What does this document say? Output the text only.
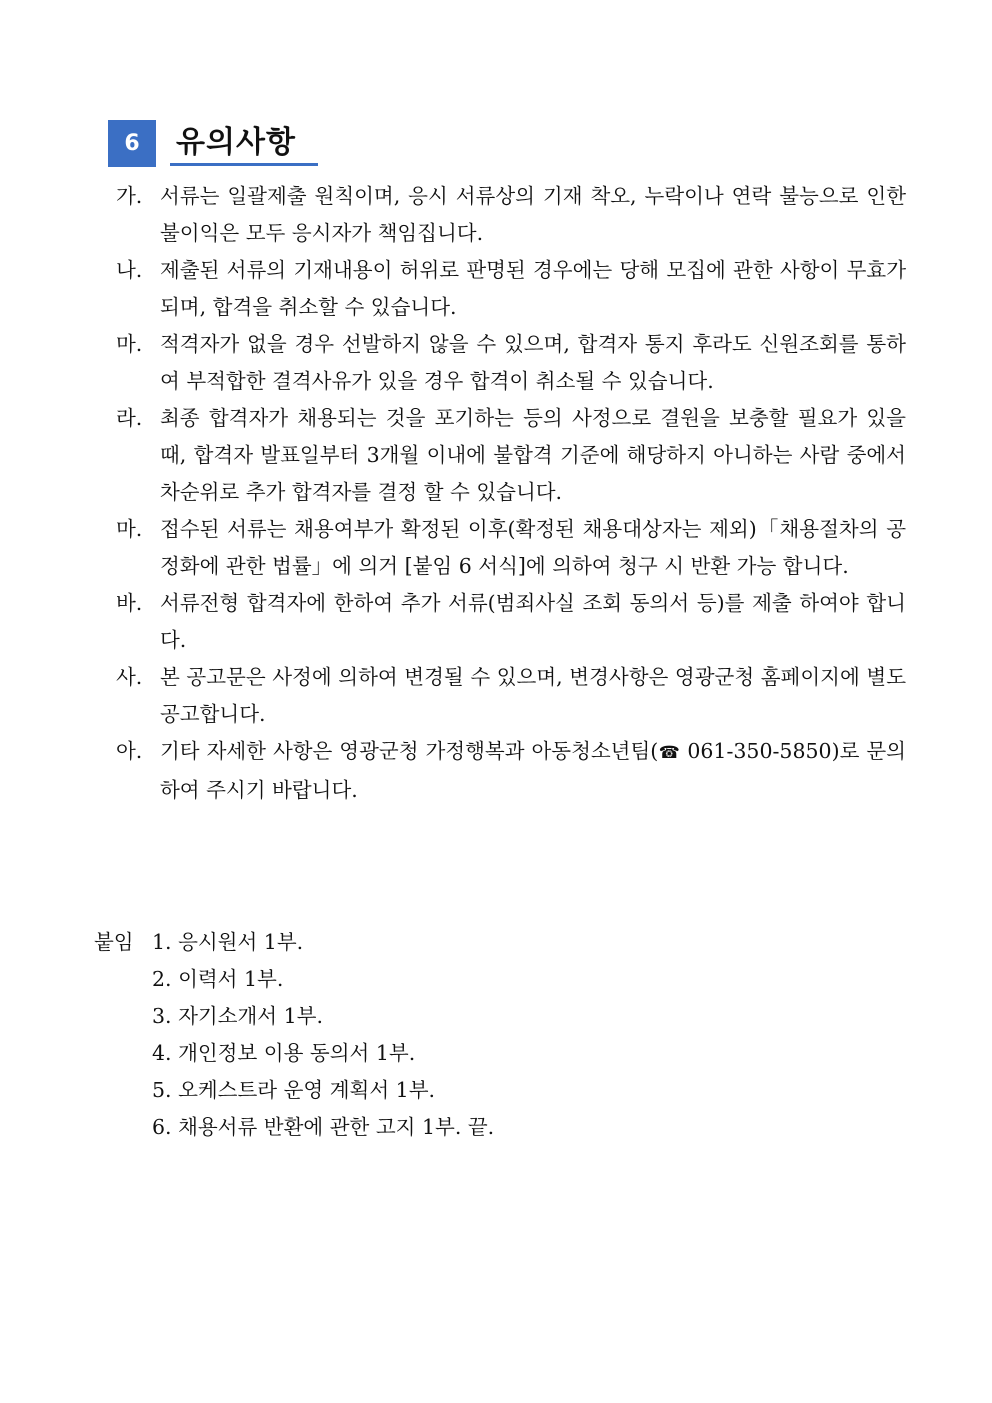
6	유의사항
가. 서류는 일괄제출 원칙이며, 응시 서류상의 기재 착오, 누락이나 연락 불능으로 인한 불이익은 모두 응시자가 책임집니다.
나. 제출된 서류의 기재내용이 허위로 판명된 경우에는 당해 모집에 관한 사항이 무효가 되며, 합격을 취소할 수 있습니다.
마. 적격자가 없을 경우 선발하지 않을 수 있으며, 합격자 통지 후라도 신원조회를 통하여 부적합한 결격사유가 있을 경우 합격이 취소될 수 있습니다.
라. 최종 합격자가 채용되는 것을 포기하는 등의 사정으로 결원을 보충할 필요가 있을 때, 합격자 발표일부터 3개월 이내에 불합격 기준에 해당하지 아니하는 사람 중에서 차순위로 추가 합격자를 결정 할 수 있습니다.
마. 접수된 서류는 채용여부가 확정된 이후(확정된 채용대상자는 제외)「채용절차의 공정화에 관한 법률」에 의거 [붙임 6 서식]에 의하여 청구 시 반환 가능 합니다.
바. 서류전형 합격자에 한하여 추가 서류(범죄사실 조회 동의서 등)를 제출 하여야 합니다.
사. 본 공고문은 사정에 의하여 변경될 수 있으며, 변경사항은 영광군청 홈페이지에 별도 공고합니다.
아. 기타 자세한 사항은 영광군청 가정행복과 아동청소년팀(☎ 061-350-5850)로 문의하여 주시기 바랍니다.
붙임 1. 응시원서 1부.
2. 이력서 1부.
3. 자기소개서 1부.
4. 개인정보 이용 동의서 1부.
5. 오케스트라 운영 계획서 1부.
6. 채용서류 반환에 관한 고지 1부. 끝.
